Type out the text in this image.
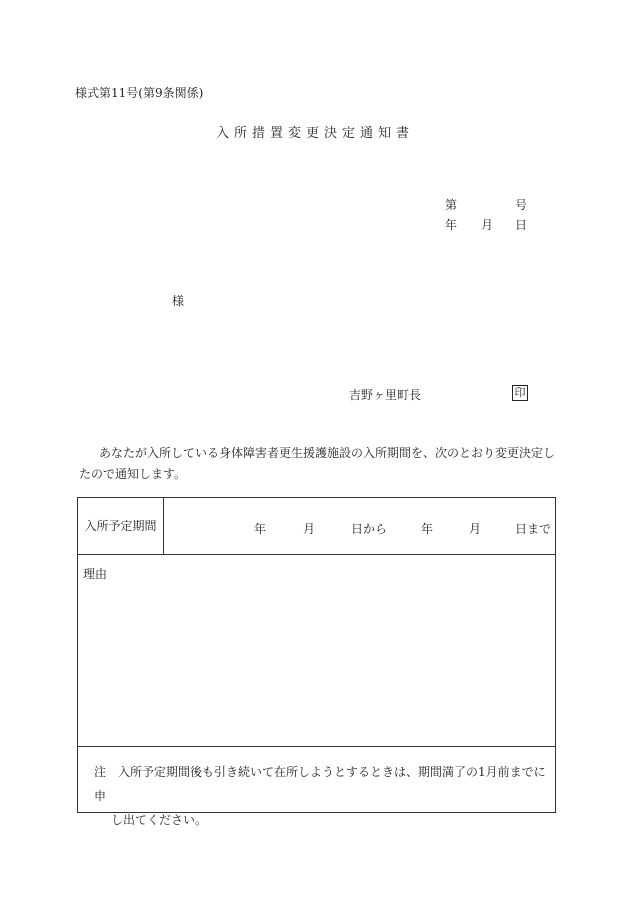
様式第11号(第9条関係)
入所措置変更決定通知書
第	号
年 月 日
様
吉野ヶ里町長	印
あなたが入所している身体障害者更生援護施設の入所期間を、次のとおり変更決定したので通知します。
入所予定期間	年	月	日から	年	月	日まで
理由
注　入所予定期間後も引き続いて在所しようとするときは、期間満了の1月前までに申
し出てください。
